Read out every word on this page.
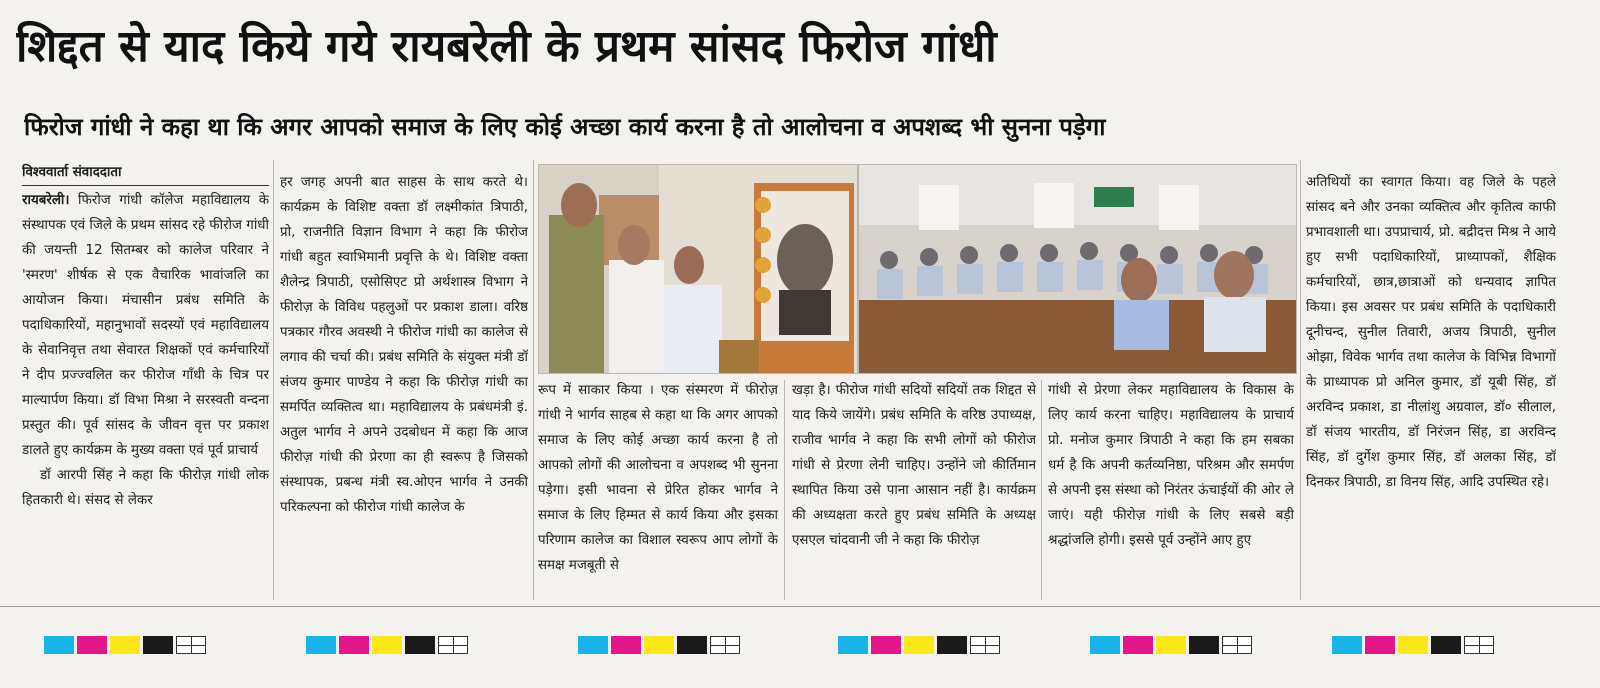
शिद्दत से याद किये गये रायबरेली के प्रथम सांसद फिरोज गांधी
फिरोज गांधी ने कहा था कि अगर आपको समाज के लिए कोई अच्छा कार्य करना है तो आलोचना व अपशब्द भी सुनना पड़ेगा
विश्ववार्ता संवाददाता

रायबरेली। फिरोज गांधी कॉलेज महाविद्यालय के संस्थापक एवं जिले के प्रथम सांसद रहे फीरोज गांधी की जयन्ती 12 सितम्बर को कालेज परिवार ने 'स्मरण' शीर्षक से एक वैचारिक भावांजलि का आयोजन किया। मंचासीन प्रबंध समिति के पदाधिकारियों, महानुभावों सदस्यों एवं महाविद्यालय के सेवानिवृत्त तथा सेवारत शिक्षकों एवं कर्मचारियों ने दीप प्रज्ज्वलित कर फीरोज गाँधी के चित्र पर माल्यार्पण किया। डॉ विभा मिश्रा ने सरस्वती वन्दना प्रस्तुत की। पूर्व सांसद के जीवन वृत्त पर प्रकाश डालते हुए कार्यक्रम के मुख्य वक्ता एवं पूर्व प्राचार्य

डॉ आरपी सिंह ने कहा कि फीरोज़ गांधी लोक हितकारी थे। संसद से लेकर

हर जगह अपनी बात साहस के साथ करते थे। कार्यक्रम के विशिष्ट वक्ता डॉ लक्ष्मीकांत त्रिपाठी, प्रो, राजनीति विज्ञान विभाग ने कहा कि फीरोज गांधी बहुत स्वाभिमानी प्रवृत्ति के थे। विशिष्ट वक्ता शैलेन्द्र त्रिपाठी, एसोसिएट प्रो अर्थशास्त्र विभाग ने फीरोज़ के विविध पहलुओं पर प्रकाश डाला। वरिष्ठ पत्रकार गौरव अवस्थी ने फीरोज गांधी का कालेज से लगाव की चर्चा की। प्रबंध समिति के संयुक्त मंत्री डॉ संजय कुमार पाण्डेय ने कहा कि फीरोज़ गांधी का समर्पित व्यक्तित्व था। महाविद्यालय के प्रबंधमंत्री इं. अतुल भार्गव ने अपने उदबोधन में कहा कि आज फीरोज़ गांधी की प्रेरणा का ही स्वरूप है जिसको संस्थापक, प्रबन्ध मंत्री स्व.ओएन भार्गव ने उनकी परिकल्पना को फीरोज गांधी कालेज के

रूप में साकार किया । एक संस्मरण में फीरोज़ गांधी ने भार्गव साहब से कहा था कि अगर आपको समाज के लिए कोई अच्छा कार्य करना है तो आपको लोगों की आलोचना व अपशब्द भी सुनना पड़ेगा। इसी भावना से प्रेरित होकर भार्गव ने समाज के लिए हिम्मत से कार्य किया और इसका परिणाम कालेज का विशाल स्वरूप आप लोगों के समक्ष मजबूती से

खड़ा है। फीरोज गांधी सदियों सदियों तक शिद्दत से याद किये जायेंगे। प्रबंध समिति के वरिष्ठ उपाध्यक्ष, राजीव भार्गव ने कहा कि सभी लोगों को फीरोज गांधी से प्रेरणा लेनी चाहिए। उन्होंने जो कीर्तिमान स्थापित किया उसे पाना आसान नहीं है। कार्यक्रम की अध्यक्षता करते हुए प्रबंध समिति के अध्यक्ष एसएल चांदवानी जी ने कहा कि फीरोज़

गांधी से प्रेरणा लेकर महाविद्यालय के विकास के लिए कार्य करना चाहिए। महाविद्यालय के प्राचार्य प्रो. मनोज कुमार त्रिपाठी ने कहा कि हम सबका धर्म है कि अपनी कर्तव्यनिष्ठा, परिश्रम और समर्पण से अपनी इस संस्था को निरंतर ऊंचाईयों की ओर ले जाएं। यही फीरोज़ गांधी के लिए सबसे बड़ी श्रद्धांजलि होगी। इससे पूर्व उन्होंने आए हुए

अतिथियों का स्वागत किया। वह जिले के पहले सांसद बने और उनका व्यक्तित्व और कृतित्व काफी प्रभावशाली था। उपप्राचार्य, प्रो. बद्रीदत्त मिश्र ने आये हुए सभी पदाधिकारियों, प्राध्यापकों, शैक्षिक कर्मचारियों, छात्र,छात्राओं को धन्यवाद ज्ञापित किया। इस अवसर पर प्रबंध समिति के पदाधिकारी दूनीचन्द, सुनील तिवारी, अजय त्रिपाठी, सुनील ओझा, विवेक भार्गव तथा कालेज के विभिन्न विभागों के प्राध्यापक प्रो अनिल कुमार, डॉ यूबी सिंह, डॉ अरविन्द प्रकाश, डा नीलांशु अग्रवाल, डॉ० सीलाल, डॉ संजय भारतीय, डॉ निरंजन सिंह, डा अरविन्द सिंह, डॉ दुर्गेश कुमार सिंह, डॉ अलका सिंह, डॉ दिनकर त्रिपाठी, डा विनय सिंह, आदि उपस्थित रहे।
